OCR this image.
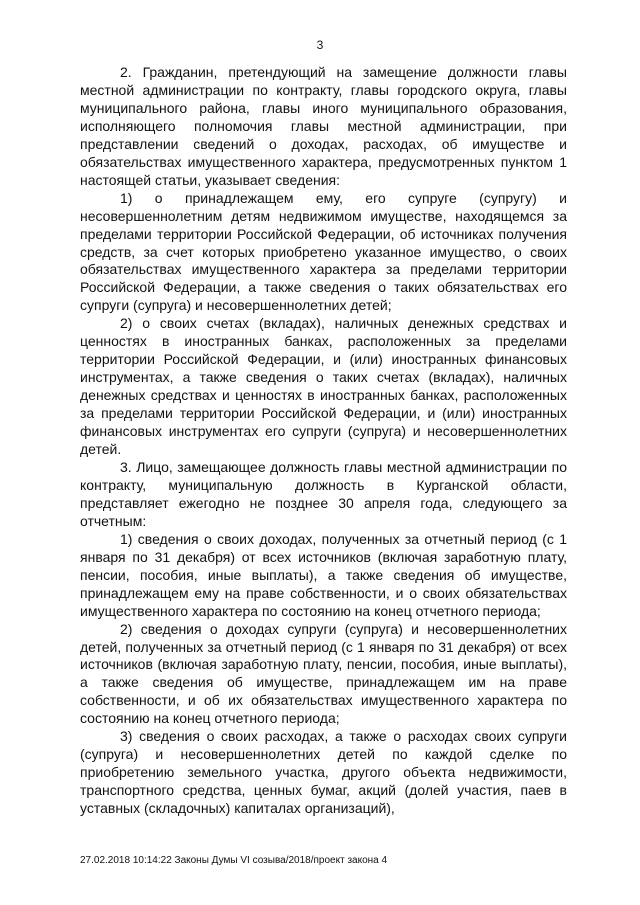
3

2. Гражданин, претендующий на замещение должности главы местной администрации по контракту, главы городского округа, главы муниципального района, главы иного муниципального образования, исполняющего полномочия главы местной администрации, при представлении сведений о доходах, расходах, об имуществе и обязательствах имущественного характера, предусмотренных пунктом 1 настоящей статьи, указывает сведения:

1) о принадлежащем ему, его супруге (супругу) и несовершеннолетним детям недвижимом имуществе, находящемся за пределами территории Российской Федерации, об источниках получения средств, за счет которых приобретено указанное имущество, о своих обязательствах имущественного характера за пределами территории Российской Федерации, а также сведения о таких обязательствах его супруги (супруга) и несовершеннолетних детей;

2) о своих счетах (вкладах), наличных денежных средствах и ценностях в иностранных банках, расположенных за пределами территории Российской Федерации, и (или) иностранных финансовых инструментах, а также сведения о таких счетах (вкладах), наличных денежных средствах и ценностях в иностранных банках, расположенных за пределами территории Российской Федерации, и (или) иностранных финансовых инструментах его супруги (супруга) и несовершеннолетних детей.

3. Лицо, замещающее должность главы местной администрации по контракту, муниципальную должность в Курганской области, представляет ежегодно не позднее 30 апреля года, следующего за отчетным:

1) сведения о своих доходах, полученных за отчетный период (с 1 января по 31 декабря) от всех источников (включая заработную плату, пенсии, пособия, иные выплаты), а также сведения об имуществе, принадлежащем ему на праве собственности, и о своих обязательствах имущественного характера по состоянию на конец отчетного периода;

2) сведения о доходах супруги (супруга) и несовершеннолетних детей, полученных за отчетный период (с 1 января по 31 декабря) от всех источников (включая заработную плату, пенсии, пособия, иные выплаты), а также сведения об имуществе, принадлежащем им на праве собственности, и об их обязательствах имущественного характера по состоянию на конец отчетного периода;

3) сведения о своих расходах, а также о расходах своих супруги (супруга) и несовершеннолетних детей по каждой сделке по приобретению земельного участка, другого объекта недвижимости, транспортного средства, ценных бумаг, акций (долей участия, паев в уставных (складочных) капиталах организаций),

27.02.2018 10:14:22 Законы Думы VI созыва/2018/проект закона 4
